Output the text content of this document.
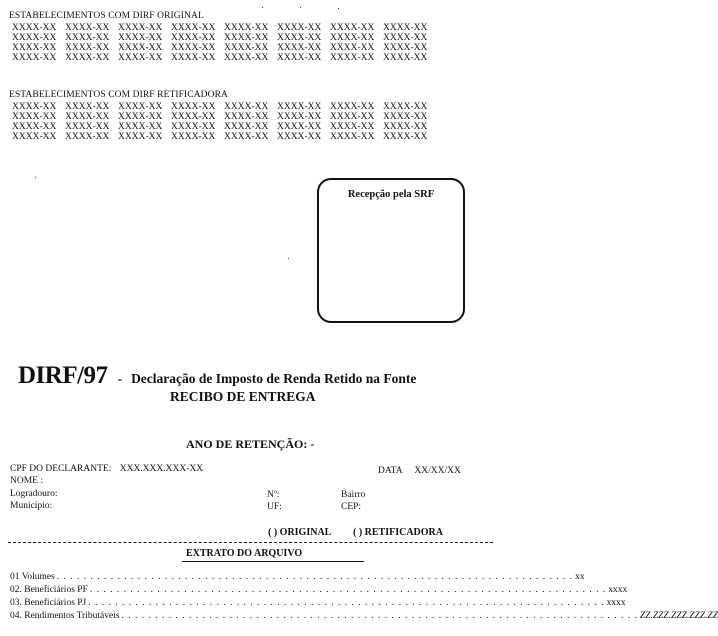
ESTABELECIMENTOS COM DIRF ORIGINAL
XXXX-XX XXXX-XX XXXX-XX XXXX-XX XXXX-XX XXXX-XX XXXX-XX XXXX-XX
XXXX-XX XXXX-XX XXXX-XX XXXX-XX XXXX-XX XXXX-XX XXXX-XX XXXX-XX
XXXX-XX XXXX-XX XXXX-XX XXXX-XX XXXX-XX XXXX-XX XXXX-XX XXXX-XX
XXXX-XX XXXX-XX XXXX-XX XXXX-XX XXXX-XX XXXX-XX XXXX-XX XXXX-XX
ESTABELECIMENTOS COM DIRF RETIFICADORA
XXXX-XX XXXX-XX XXXX-XX XXXX-XX XXXX-XX XXXX-XX XXXX-XX XXXX-XX
XXXX-XX XXXX-XX XXXX-XX XXXX-XX XXXX-XX XXXX-XX XXXX-XX XXXX-XX
XXXX-XX XXXX-XX XXXX-XX XXXX-XX XXXX-XX XXXX-XX XXXX-XX XXXX-XX
XXXX-XX XXXX-XX XXXX-XX XXXX-XX XXXX-XX XXXX-XX XXXX-XX XXXX-XX
Recepção pela SRF
DIRF/97 - Declaração de Imposto de Renda Retido na Fonte
RECIBO DE ENTREGA
ANO DE RETENÇÃO: -
CPF DO DECLARANTE: XXX.XXX.XXX-XX	DATA XX/XX/XX
NOME :
Logradouro:	Nº:	Bairro
Município:	UF:	CEP:
( ) ORIGINAL ( ) RETIFICADORA
EXTRATO DO ARQUIVO
01 Volumes . . . . . . . . . . . . . . . . . . . . . . . . . . . . . . . . . . . . . . . . . . . . . . . . . . . . . . . . . . . . . . . . . . . . . . . . . . . . . xx
02. Beneficiários PF . . . . . . . . . . . . . . . . . . . . . . . . . . . . . . . . . . . . . . . . . . . . . . . . . . . . . . . . . . . . . . . . . . . . . . . . . . . . . xxxx
03. Beneficiários PJ . . . . . . . . . . . . . . . . . . . . . . . . . . . . . . . . . . . . . . . . . . . . . . . . . . . . . . . . . . . . . . . . . . . . . . . . . . . . . xxxx
04. Rendimentos Tributáveis . . . . . . . . . . . . . . . . . . . . . . . . . . . . . . . . . . . . . . . . . . . . . . . . . . . . . . . . . . . . . . . . . . . . . . . . . . . . . ZZ.ZZZ.ZZZ.ZZZ.ZZ
